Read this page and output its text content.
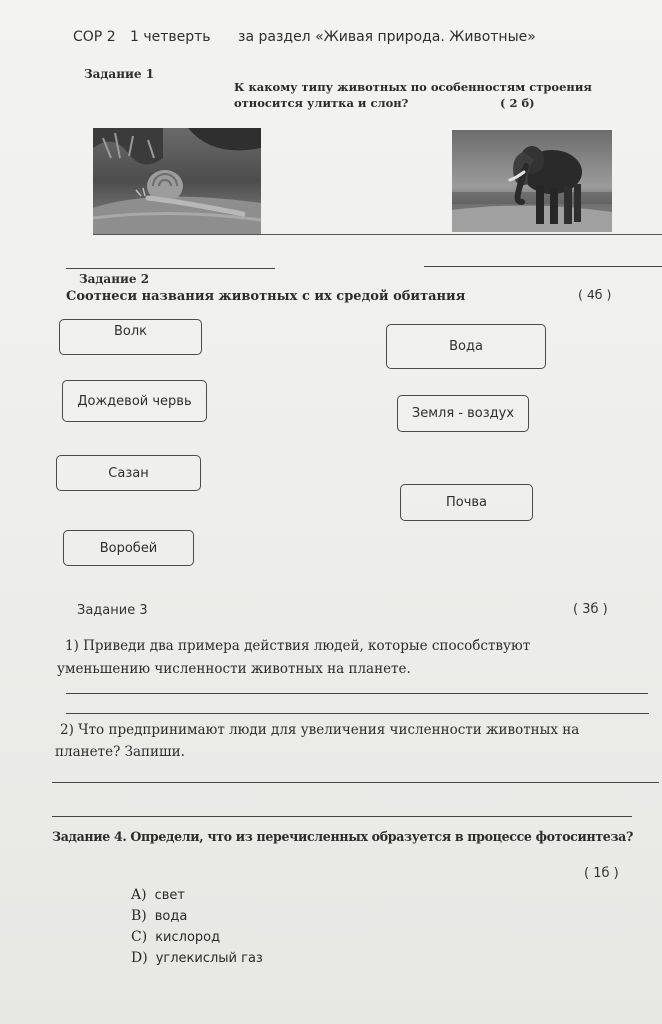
СОР 2 1 четверть за раздел «Живая природа. Животные»
Задание 1
К какому типу животных по особенностям строения
относится улитка и слон?	( 2 б)
Задание 2
Соотнеси названия животных с их средой обитания	( 4б )
Волк
Дождевой червь
Сазан
Воробей
Вода
Земля - воздух
Почва
Задание 3	( 3б )
1) Приведи два примера действия людей, которые способствуют
уменьшению численности животных на планете.
2) Что предпринимают люди для увеличения численности животных на
планете? Запиши.
Задание 4. Определи, что из перечисленных образуется в процессе фотосинтеза?
( 1б )
A) свет
B) вода
C) кислород
D) углекислый газ
